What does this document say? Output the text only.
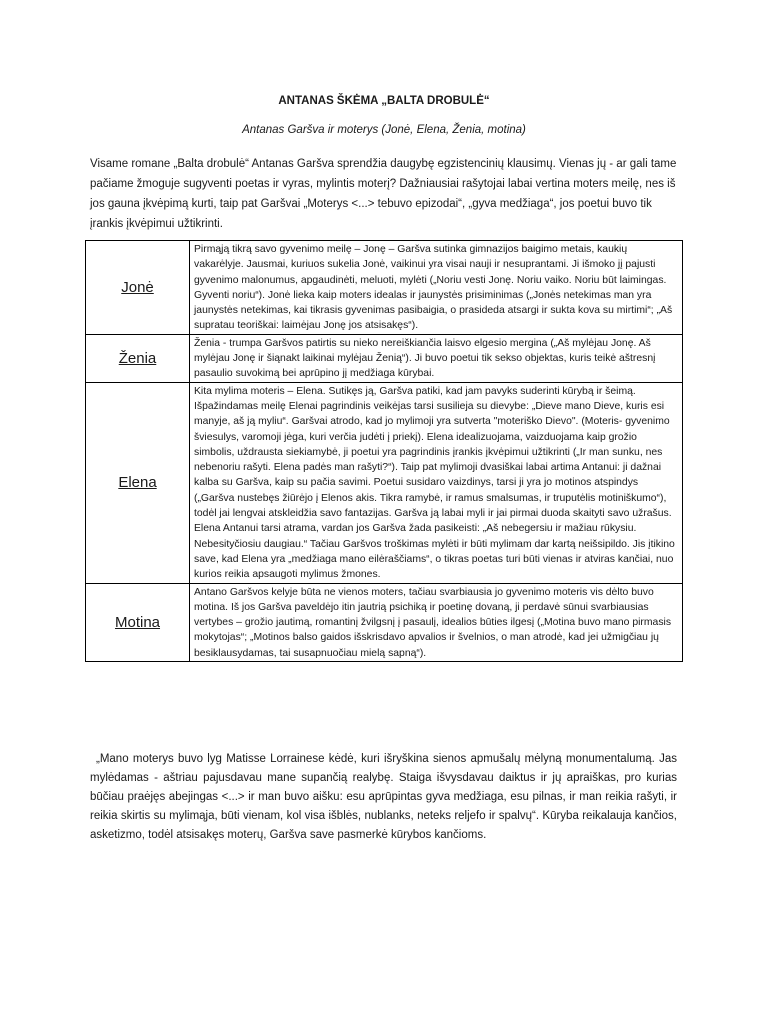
ANTANAS ŠKĖMA „BALTA DROBULĖ“

Antanas Garšva ir moterys (Jonė, Elena, Ženia, motina)

Visame romane „Balta drobulė“ Antanas Garšva sprendžia daugybę egzistencinių klausimų. Vienas jų - ar gali tame pačiame žmoguje sugyventi poetas ir vyras, mylintis moterį? Dažniausiai rašytojai labai vertina moters meilę, nes iš jos gauna įkvėpimą kurti, taip pat Garšvai „Moterys <...> tebuvo epizodai“, „gyva medžiaga“, jos poetui buvo tik įrankis įkvėpimui užtikrinti.

Jonė	Pirmąją tikrą savo gyvenimo meilę – Jonę – Garšva sutinka gimnazijos baigimo metais, kaukių vakarėlyje. Jausmai, kuriuos sukelia Jonė, vaikinui yra visai nauji ir nesuprantami. Ji išmoko jį pajusti gyvenimo malonumus, apgaudinėti, meluoti, mylėti („Noriu vesti Jonę. Noriu vaiko. Noriu būt laimingas. Gyventi noriu“). Jonė lieka kaip moters idealas ir jaunystės prisiminimas („Jonės netekimas man yra jaunystės netekimas, kai tikrasis gyvenimas pasibaigia, o prasideda atsargi ir sukta kova su mirtimi“; „Aš supratau teoriškai: laimėjau Jonę jos atsisakęs“).
Ženia	Ženia - trumpa Garšvos patirtis su nieko nereiškiančia laisvo elgesio mergina („Aš mylėjau Jonę. Aš mylėjau Jonę ir šiąnakt laikinai mylėjau Ženią“). Ji buvo poetui tik sekso objektas, kuris teikė aštresnį pasaulio suvokimą bei aprūpino jį medžiaga kūrybai.
Elena	Kita mylima moteris – Elena. Sutikęs ją, Garšva patiki, kad jam pavyks suderinti kūrybą ir šeimą. Išpažindamas meilę Elenai pagrindinis veikėjas tarsi susilieja su dievybe: „Dieve mano Dieve, kuris esi manyje, aš ją myliu“. Garšvai atrodo, kad jo mylimoji yra sutverta "moteriško Dievo". (Moteris- gyvenimo šviesulys, varomoji jėga, kuri verčia judėti į priekį). Elena idealizuojama, vaizduojama kaip grožio simbolis, uždrausta siekiamybė, ji poetui yra pagrindinis įrankis įkvėpimui užtikrinti („Ir man sunku, nes nebenoriu rašyti. Elena padės man rašyti?“). Taip pat mylimoji dvasiškai labai artima Antanui: ji dažnai kalba su Garšva, kaip su pačia savimi. Poetui susidaro vaizdinys, tarsi ji yra jo motinos atspindys („Garšva nustebęs žiūrėjo į Elenos akis. Tikra ramybė, ir ramus smalsumas, ir truputėlis motiniškumo“), todėl jai lengvai atskleidžia savo fantazijas. Garšva ją labai myli ir jai pirmai duoda skaityti savo užrašus. Elena Antanui tarsi atrama, vardan jos Garšva žada pasikeisti: „Aš nebegersiu ir mažiau rūkysiu. Nebesityčiosiu daugiau.“ Tačiau Garšvos troškimas mylėti ir būti mylimam dar kartą neišsipildo. Jis įtikino save, kad Elena yra „medžiaga mano eilėraščiams“, o tikras poetas turi būti vienas ir atviras kančiai, nuo kurios reikia apsaugoti mylimus žmones.
Motina	Antano Garšvos kelyje būta ne vienos moters, tačiau svarbiausia jo gyvenimo moteris vis dėlto buvo motina. Iš jos Garšva paveldėjo itin jautrią psichiką ir poetinę dovaną, ji perdavė sūnui svarbiausias vertybes – grožio jautimą, romantinį žvilgsnį į pasaulį, idealios būties ilgesį („Motina buvo mano pirmasis mokytojas“; „Motinos balso gaidos išskrisdavo apvalios ir švelnios, o man atrodė, kad jei užmigčiau jų besiklausydamas, tai susapnuočiau mielą sapną“).

„Mano moterys buvo lyg Matisse Lorrainese kėdė, kuri išryškina sienos apmušalų mėlyną monumentalumą. Jas mylėdamas - aštriau pajusdavau mane supančią realybę. Staiga išvysdavau daiktus ir jų apraiškas, pro kurias būčiau praėjęs abejingas <...> ir man buvo aišku: esu aprūpintas gyva medžiaga, esu pilnas, ir man reikia rašyti, ir reikia skirtis su mylimąja, būti vienam, kol visa išblės, nublanks, neteks reljefo ir spalvų“. Kūryba reikalauja kančios, asketizmo, todėl atsisakęs moterų, Garšva save pasmerkė kūrybos kančioms.
